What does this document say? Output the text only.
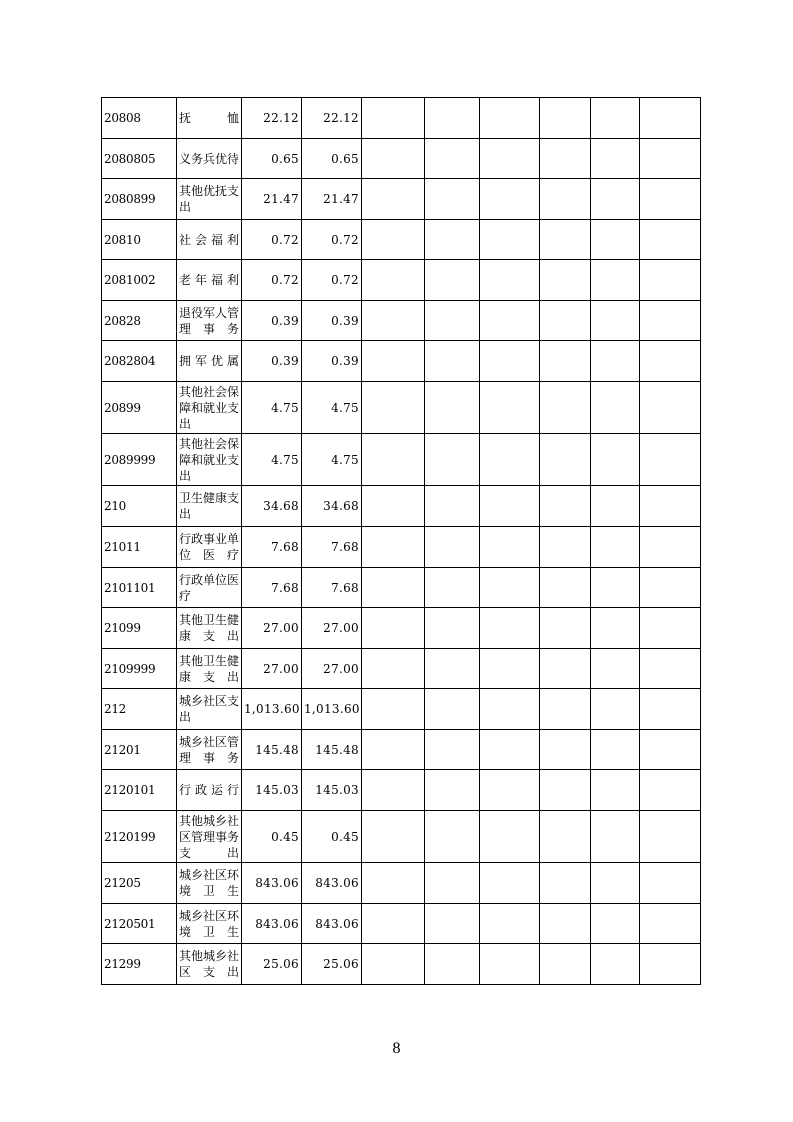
20808	抚恤	22.12	22.12						
2080805	义务兵优待	0.65	0.65						
2080899	其他优抚支出	21.47	21.47						
20810	社会福利	0.72	0.72						
2081002	老年福利	0.72	0.72						
20828	退役军人管理事务	0.39	0.39						
2082804	拥军优属	0.39	0.39						
20899	其他社会保障和就业支出	4.75	4.75						
2089999	其他社会保障和就业支出	4.75	4.75						
210	卫生健康支出	34.68	34.68						
21011	行政事业单位医疗	7.68	7.68						
2101101	行政单位医疗	7.68	7.68						
21099	其他卫生健康支出	27.00	27.00						
2109999	其他卫生健康支出	27.00	27.00						
212	城乡社区支出	1,013.60	1,013.60						
21201	城乡社区管理事务	145.48	145.48						
2120101	行政运行	145.03	145.03						
2120199	其他城乡社区管理事务支出	0.45	0.45						
21205	城乡社区环境卫生	843.06	843.06						
2120501	城乡社区环境卫生	843.06	843.06						
21299	其他城乡社区支出	25.06	25.06						
8
